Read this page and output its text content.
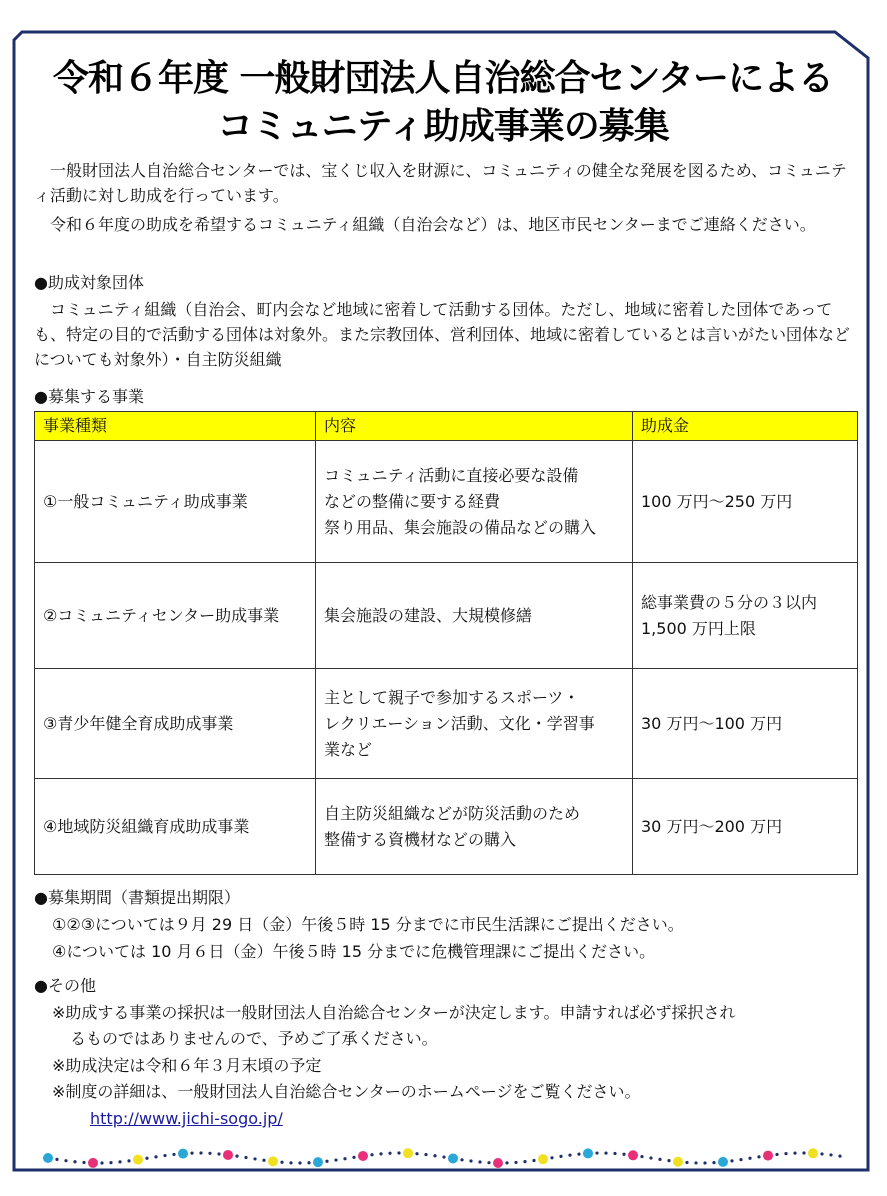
令和６年度 一般財団法人自治総合センターによる
コミュニティ助成事業の募集

　一般財団法人自治総合センターでは、宝くじ収入を財源に、コミュニティの健全な発展を図るため、コミュニティ活動に対し助成を行っています。

　令和６年度の助成を希望するコミュニティ組織（自治会など）は、地区市民センターまでご連絡ください。

●助成対象団体

　コミュニティ組織（自治会、町内会など地域に密着して活動する団体。ただし、地域に密着した団体であっても、特定の目的で活動する団体は対象外。また宗教団体、営利団体、地域に密着しているとは言いがたい団体などについても対象外）・自主防災組織

●募集する事業

事業種類	内容	助成金
①一般コミュニティ助成事業	コミュニティ活動に直接必要な設備
などの整備に要する経費
祭り用品、集会施設の備品などの購入	100 万円～250 万円

②コミュニティセンター助成事業	集会施設の建設、大規模修繕	総事業費の５分の３以内
1,500 万円上限

③青少年健全育成助成事業	主として親子で参加するスポーツ・
レクリエーション活動、文化・学習事
業など	30 万円～100 万円

④地域防災組織育成助成事業	自主防災組織などが防災活動のため
整備する資機材などの購入	30 万円～200 万円
●募集期間（書類提出期限）
①②③については９月 29 日（金）午後５時 15 分までに市民生活課にご提出ください。
④については 10 月６日（金）午後５時 15 分までに危機管理課にご提出ください。
●その他
※助成する事業の採択は一般財団法人自治総合センターが決定します。申請すれば必ず採択され
るものではありませんので、予めご了承ください。
※助成決定は令和６年３月末頃の予定
※制度の詳細は、一般財団法人自治総合センターのホームページをご覧ください。
http://www.jichi-sogo.jp/
